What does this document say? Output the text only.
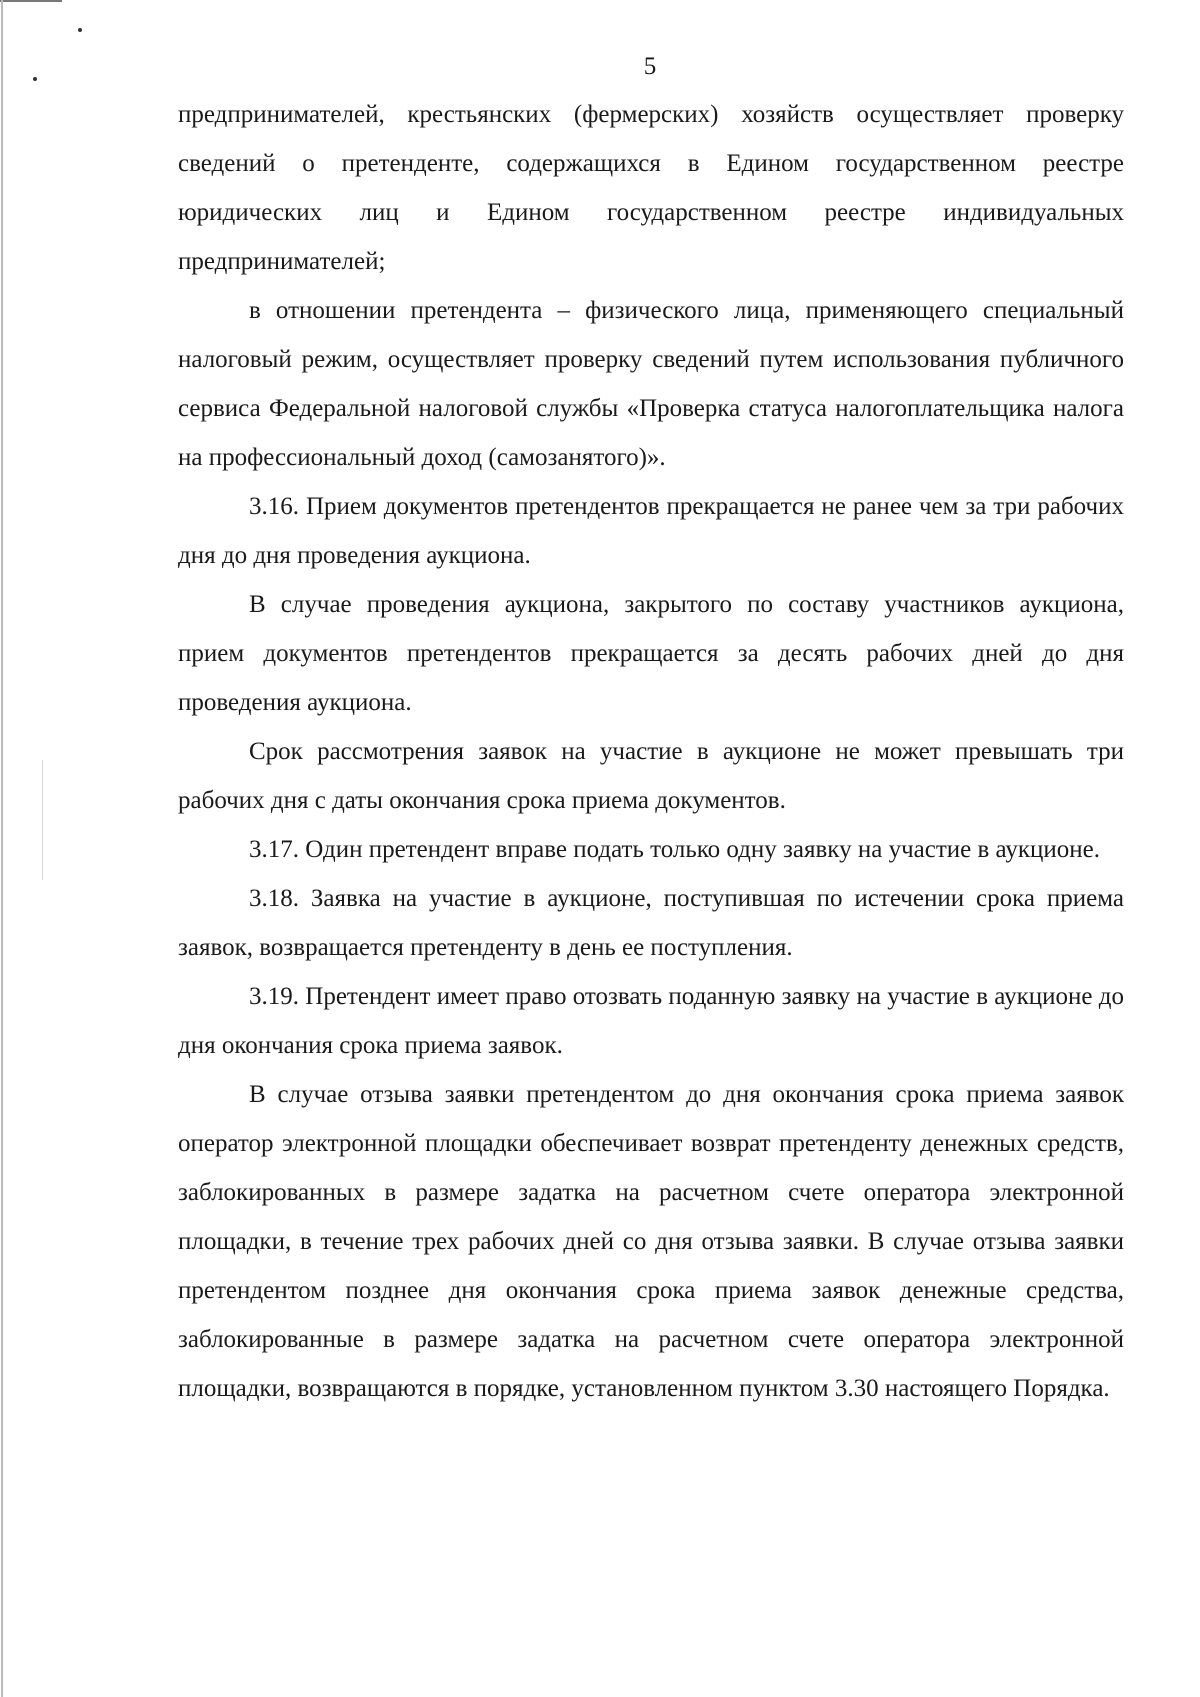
5

предпринимателей, крестьянских (фермерских) хозяйств осуществляет проверку сведений о претенденте, содержащихся в Едином государственном реестре юридических лиц и Едином государственном реестре индивидуальных предпринимателей;

в отношении претендента – физического лица, применяющего специальный налоговый режим, осуществляет проверку сведений путем использования публичного сервиса Федеральной налоговой службы «Проверка статуса налогоплательщика налога на профессиональный доход (самозанятого)».

3.16. Прием документов претендентов прекращается не ранее чем за три рабочих дня до дня проведения аукциона.

В случае проведения аукциона, закрытого по составу участников аукциона, прием документов претендентов прекращается за десять рабочих дней до дня проведения аукциона.

Срок рассмотрения заявок на участие в аукционе не может превышать три рабочих дня с даты окончания срока приема документов.

3.17. Один претендент вправе подать только одну заявку на участие в аукционе.

3.18. Заявка на участие в аукционе, поступившая по истечении срока приема заявок, возвращается претенденту в день ее поступления.

3.19. Претендент имеет право отозвать поданную заявку на участие в аукционе до дня окончания срока приема заявок.

В случае отзыва заявки претендентом до дня окончания срока приема заявок оператор электронной площадки обеспечивает возврат претенденту денежных средств, заблокированных в размере задатка на расчетном счете оператора электронной площадки, в течение трех рабочих дней со дня отзыва заявки. В случае отзыва заявки претендентом позднее дня окончания срока приема заявок денежные средства, заблокированные в размере задатка на расчетном счете оператора электронной площадки, возвращаются в порядке, установленном пунктом 3.30 настоящего Порядка.
